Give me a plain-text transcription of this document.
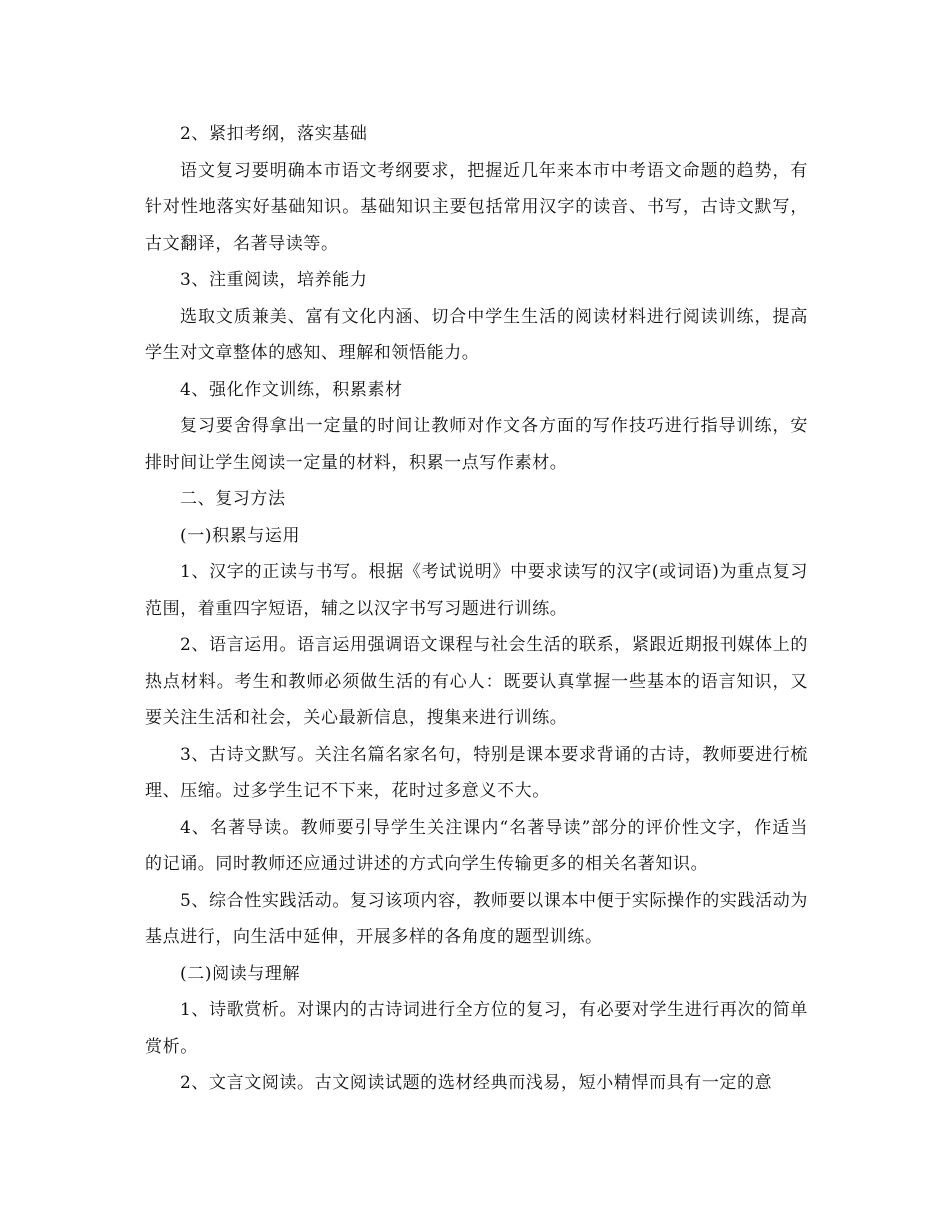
2、紧扣考纲，落实基础

语文复习要明确本市语文考纲要求，把握近几年来本市中考语文命题的趋势，有针对性地落实好基础知识。基础知识主要包括常用汉字的读音、书写，古诗文默写，古文翻译，名著导读等。

3、注重阅读，培养能力

选取文质兼美、富有文化内涵、切合中学生生活的阅读材料进行阅读训练，提高学生对文章整体的感知、理解和领悟能力。

4、强化作文训练，积累素材

复习要舍得拿出一定量的时间让教师对作文各方面的写作技巧进行指导训练，安排时间让学生阅读一定量的材料，积累一点写作素材。

二、复习方法

(一)积累与运用

1、汉字的正读与书写。根据《考试说明》中要求读写的汉字(或词语)为重点复习范围，着重四字短语，辅之以汉字书写习题进行训练。

2、语言运用。语言运用强调语文课程与社会生活的联系，紧跟近期报刊媒体上的热点材料。考生和教师必须做生活的有心人：既要认真掌握一些基本的语言知识，又要关注生活和社会，关心最新信息，搜集来进行训练。

3、古诗文默写。关注名篇名家名句，特别是课本要求背诵的古诗，教师要进行梳理、压缩。过多学生记不下来，花时过多意义不大。

4、名著导读。教师要引导学生关注课内“名著导读”部分的评价性文字，作适当的记诵。同时教师还应通过讲述的方式向学生传输更多的相关名著知识。

5、综合性实践活动。复习该项内容，教师要以课本中便于实际操作的实践活动为基点进行，向生活中延伸，开展多样的各角度的题型训练。

(二)阅读与理解

1、诗歌赏析。对课内的古诗词进行全方位的复习，有必要对学生进行再次的简单赏析。

2、文言文阅读。古文阅读试题的选材经典而浅易，短小精悍而具有一定的意
